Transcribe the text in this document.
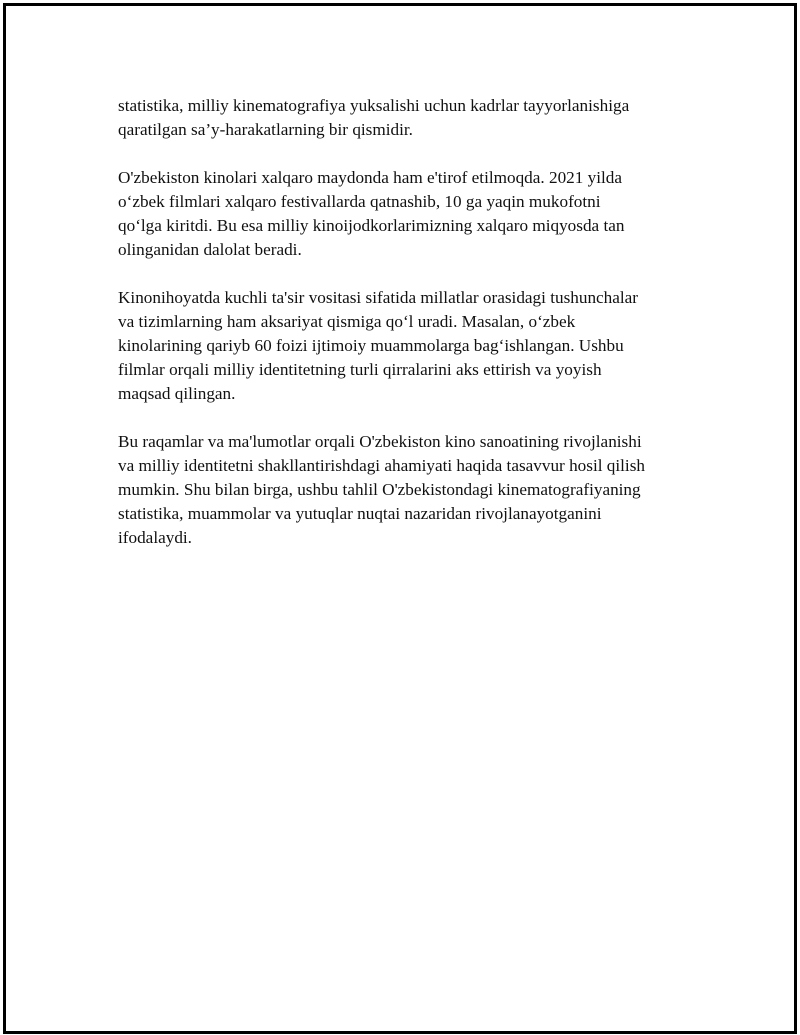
statistika, milliy kinematografiya yuksalishi uchun kadrlar tayyorlanishiga
qaratilgan sa’y-harakatlarning bir qismidir.

O'zbekiston kinolari xalqaro maydonda ham e'tirof etilmoqda. 2021 yilda
o‘zbek filmlari xalqaro festivallarda qatnashib, 10 ga yaqin mukofotni
qo‘lga kiritdi. Bu esa milliy kinoijodkorlarimizning xalqaro miqyosda tan
olinganidan dalolat beradi.

Kinonihoyatda kuchli ta'sir vositasi sifatida millatlar orasidagi tushunchalar
va tizimlarning ham aksariyat qismiga qo‘l uradi. Masalan, o‘zbek
kinolarining qariyb 60 foizi ijtimoiy muammolarga bag‘ishlangan. Ushbu
filmlar orqali milliy identitetning turli qirralarini aks ettirish va yoyish
maqsad qilingan.

Bu raqamlar va ma'lumotlar orqali O'zbekiston kino sanoatining rivojlanishi
va milliy identitetni shakllantirishdagi ahamiyati haqida tasavvur hosil qilish
mumkin. Shu bilan birga, ushbu tahlil O'zbekistondagi kinematografiyaning
statistika, muammolar va yutuqlar nuqtai nazaridan rivojlanayotganini
ifodalaydi.
